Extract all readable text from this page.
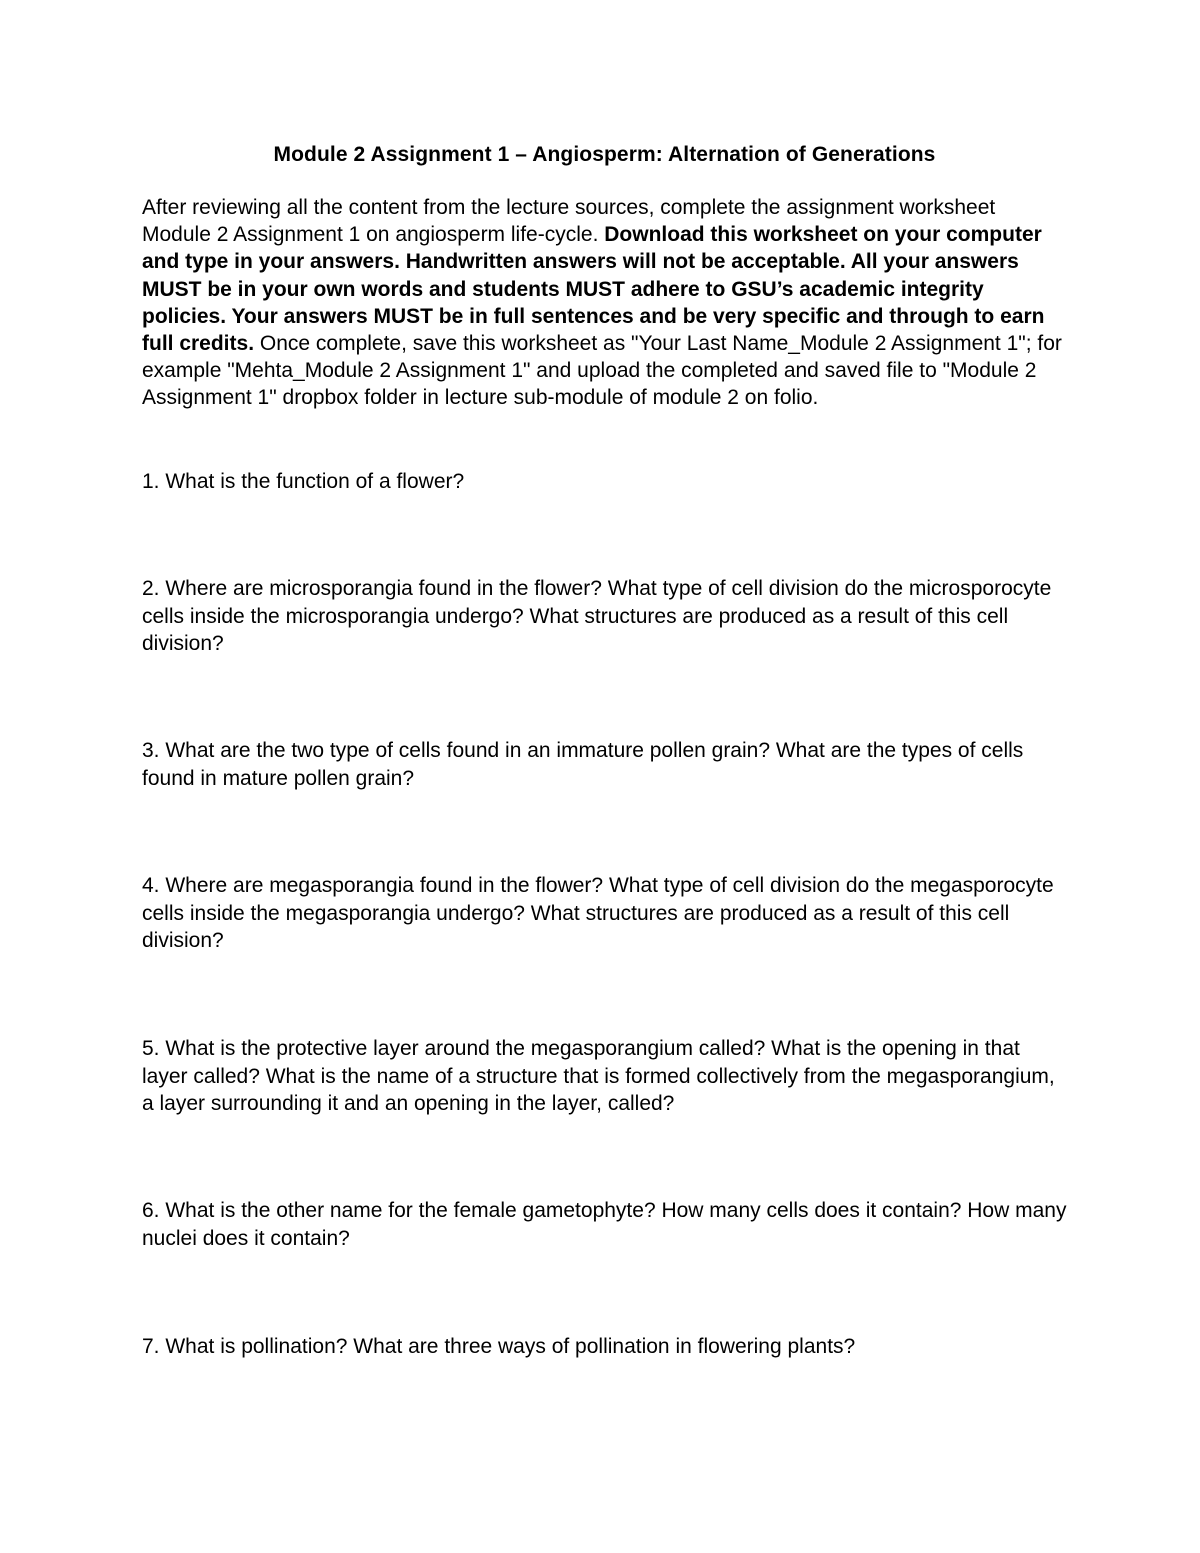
Module 2 Assignment 1 – Angiosperm: Alternation of Generations

After reviewing all the content from the lecture sources, complete the assignment worksheet Module 2 Assignment 1 on angiosperm life-cycle. Download this worksheet on your computer and type in your answers. Handwritten answers will not be acceptable. All your answers MUST be in your own words and students MUST adhere to GSU’s academic integrity policies. Your answers MUST be in full sentences and be very specific and through to earn full credits. Once complete, save this worksheet as "Your Last Name_Module 2 Assignment 1"; for example "Mehta_Module 2 Assignment 1" and upload the completed and saved file to "Module 2 Assignment 1" dropbox folder in lecture sub-module of module 2 on folio.

1. What is the function of a flower?

2. Where are microsporangia found in the flower? What type of cell division do the microsporocyte cells inside the microsporangia undergo? What structures are produced as a result of this cell division?

3. What are the two type of cells found in an immature pollen grain? What are the types of cells found in mature pollen grain?

4. Where are megasporangia found in the flower? What type of cell division do the megasporocyte cells inside the megasporangia undergo? What structures are produced as a result of this cell division?

5. What is the protective layer around the megasporangium called? What is the opening in that layer called? What is the name of a structure that is formed collectively from the megasporangium, a layer surrounding it and an opening in the layer, called?

6. What is the other name for the female gametophyte? How many cells does it contain? How many nuclei does it contain?

7. What is pollination? What are three ways of pollination in flowering plants?
